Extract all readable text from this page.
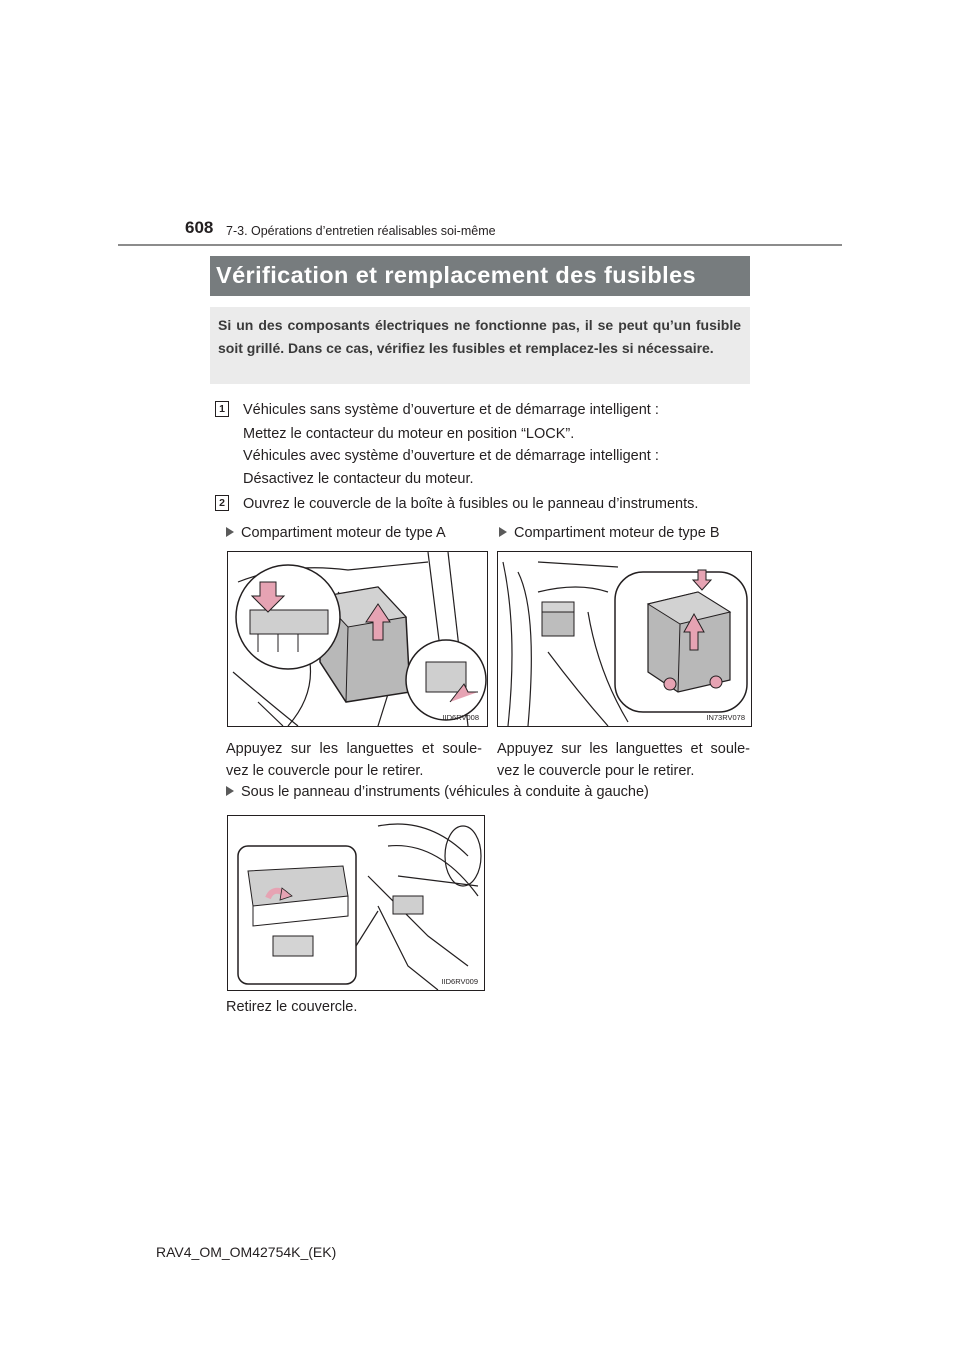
608 7-3. Opérations d’entretien réalisables soi-même
Vérification et remplacement des fusibles
Si un des composants électriques ne fonctionne pas, il se peut qu’un fusible soit grillé. Dans ce cas, vérifiez les fusibles et remplacez-les si nécessaire.
1 Véhicules sans système d’ouverture et de démarrage intelligent :
Mettez le contacteur du moteur en position “LOCK”.
Véhicules avec système d’ouverture et de démarrage intelligent :
Désactivez le contacteur du moteur.
2 Ouvrez le couvercle de la boîte à fusibles ou le panneau d’instruments.
Compartiment moteur de type A	Compartiment moteur de type B
IID6RV008	IN73RV078
Appuyez sur les languettes et soule-vez le couvercle pour le retirer.
Appuyez sur les languettes et soule-vez le couvercle pour le retirer.
Sous le panneau d’instruments (véhicules à conduite à gauche)
IID6RV009
Retirez le couvercle.
RAV4_OM_OM42754K_(EK)
